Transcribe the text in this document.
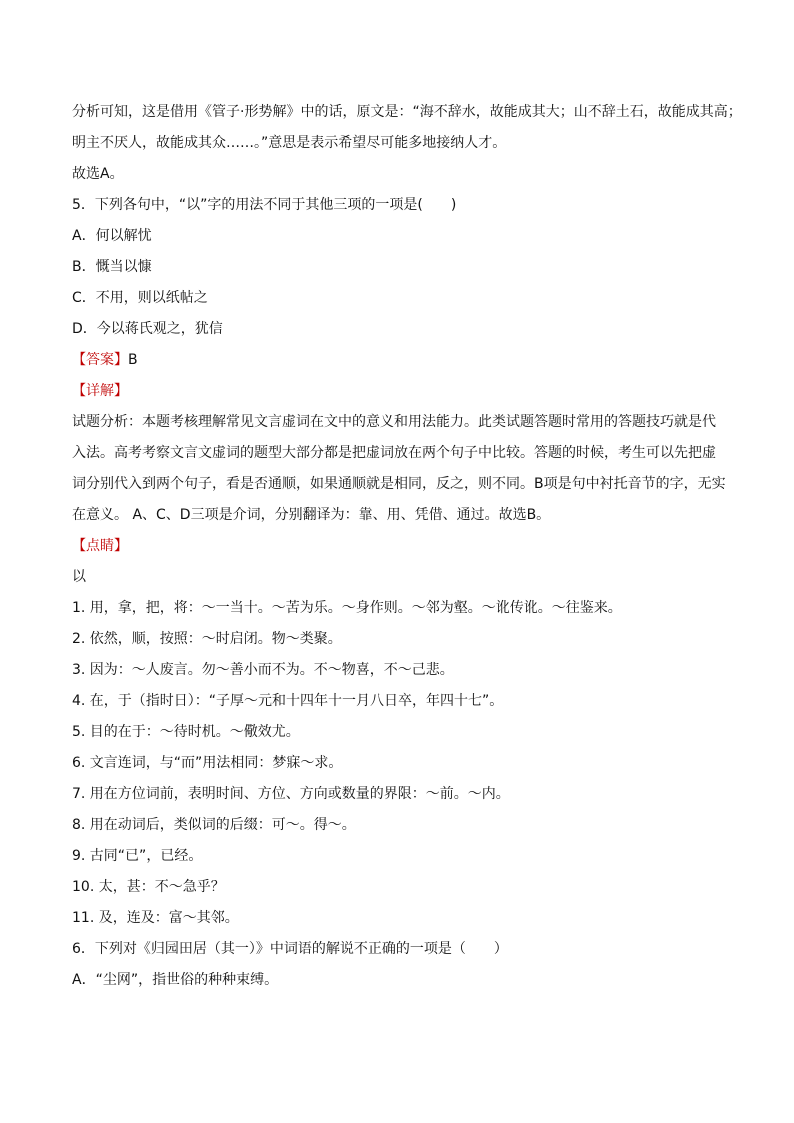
分析可知，这是借用《管子·形势解》中的话，原文是：“海不辞水，故能成其大；山不辞土石，故能成其高；

明主不厌人，故能成其众……。”意思是表示希望尽可能多地接纳人才。

故选A。

5．下列各句中，“以”字的用法不同于其他三项的一项是(　　)

A．何以解忧

B．慨当以慷

C．不用，则以纸帖之

D．今以蒋氏观之，犹信

【答案】B

【详解】

试题分析：本题考核理解常见文言虚词在文中的意义和用法能力。此类试题答题时常用的答题技巧就是代

入法。高考考察文言文虚词的题型大部分都是把虚词放在两个句子中比较。答题的时候，考生可以先把虚

词分别代入到两个句子，看是否通顺，如果通顺就是相同，反之，则不同。B项是句中衬托音节的字，无实

在意义。 A、C、D三项是介词，分别翻译为：靠、用、凭借、通过。故选B。

【点睛】

以

1. 用，拿，把，将：～一当十。～苦为乐。～身作则。～邻为壑。～讹传讹。～往鉴来。

2. 依然，顺，按照：～时启闭。物～类聚。

3. 因为：～人废言。勿～善小而不为。不～物喜，不～己悲。

4. 在，于（指时日）：“子厚～元和十四年十一月八日卒，年四十七”。

5. 目的在于：～待时机。～儆效尤。

6. 文言连词，与“而”用法相同：梦寐～求。

7. 用在方位词前，表明时间、方位、方向或数量的界限：～前。～内。

8. 用在动词后，类似词的后缀：可～。得～。

9. 古同“已”，已经。

10. 太，甚：不～急乎？

11. 及，连及：富～其邻。

6．下列对《归园田居（其一）》中词语的解说不正确的一项是（　　）

A．“尘网”，指世俗的种种束缚。
